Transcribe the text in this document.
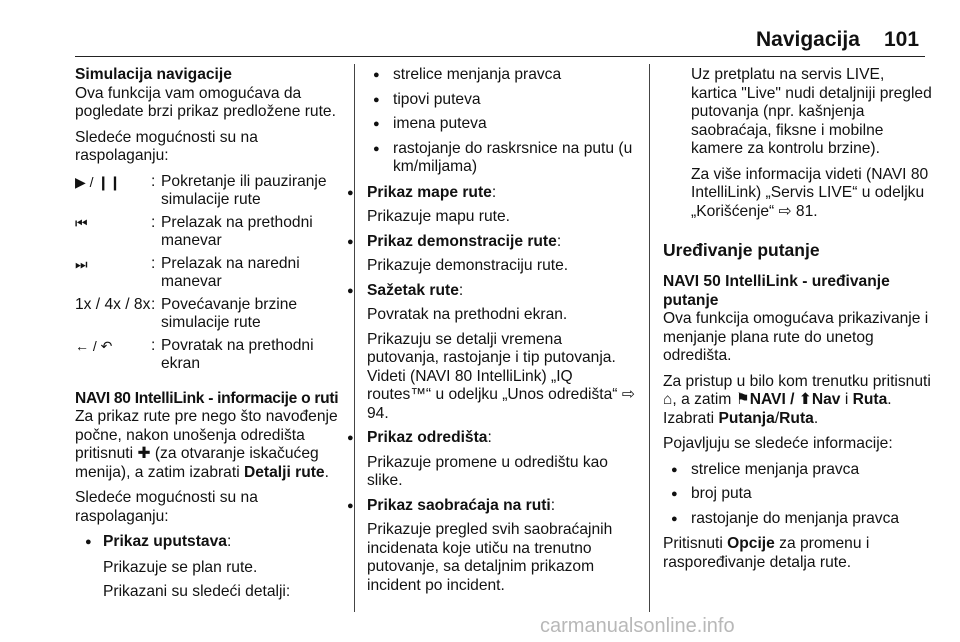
Navigacija 101
Simulacija navigacije

Ova funkcija vam omogućava da pogledate brzi prikaz predložene rute.

Sledeće mogućnosti su na raspolaganju:

▶ / ❙❙	: Pokretanje ili pauziranje simulacije rute
⏮	: Prelazak na prethodni manevar
⏭	: Prelazak na naredni manevar
1x / 4x / 8x : Povećavanje brzine simulacije rute
← / ↶	: Povratak na prethodni ekran
NAVI 80 IntelliLink - informacije o ruti

Za prikaz rute pre nego što navođenje počne, nakon unošenja odredišta pritisnuti ✚ (za otvaranje iskačućeg menija), a zatim izabrati Detalji rute.

Sledeće mogućnosti su na raspolaganju:

● Prikaz uputstava:

Prikazuje se plan rute.

Prikazani su sledeći detalji:

● strelice menjanja pravca
● tipovi puteva
● imena puteva
● rastojanje do raskrsnice na putu (u km/miljama)
● Prikaz mape rute:

Prikazuje mapu rute.

● Prikaz demonstracije rute:

Prikazuje demonstraciju rute.

● Sažetak rute:

Povratak na prethodni ekran.

Prikazuju se detalji vremena putovanja, rastojanje i tip putovanja. Videti (NAVI 80 IntelliLink) „IQ routes™“ u odeljku „Unos odredišta“ ⇨ 94.

● Prikaz odredišta:

Prikazuje promene u odredištu kao slike.

● Prikaz saobraćaja na ruti:

Prikazuje pregled svih saobraćajnih incidenata koje utiču na trenutno putovanje, sa detaljnim prikazom incident po incident.

Uz pretplatu na servis LIVE, kartica "Live" nudi detaljniji pregled putovanja (npr. kašnjenja saobraćaja, fiksne i mobilne kamere za kontrolu brzine).

Za više informacija videti (NAVI 80 IntelliLink) „Servis LIVE“ u odeljku „Korišćenje“ ⇨ 81.

Uređivanje putanje
NAVI 50 IntelliLink - uređivanje putanje

Ova funkcija omogućava prikazivanje i menjanje plana rute do unetog odredišta.

Za pristup u bilo kom trenutku pritisnuti ⌂, a zatim ⚑NAVI / ⬆Nav i Ruta. Izabrati Putanja/Ruta.

Pojavljuju se sledeće informacije:

● strelice menjanja pravca
● broj puta
● rastojanje do menjanja pravca

Pritisnuti Opcije za promenu i raspoređivanje detalja rute.

carmanualsonline.info
